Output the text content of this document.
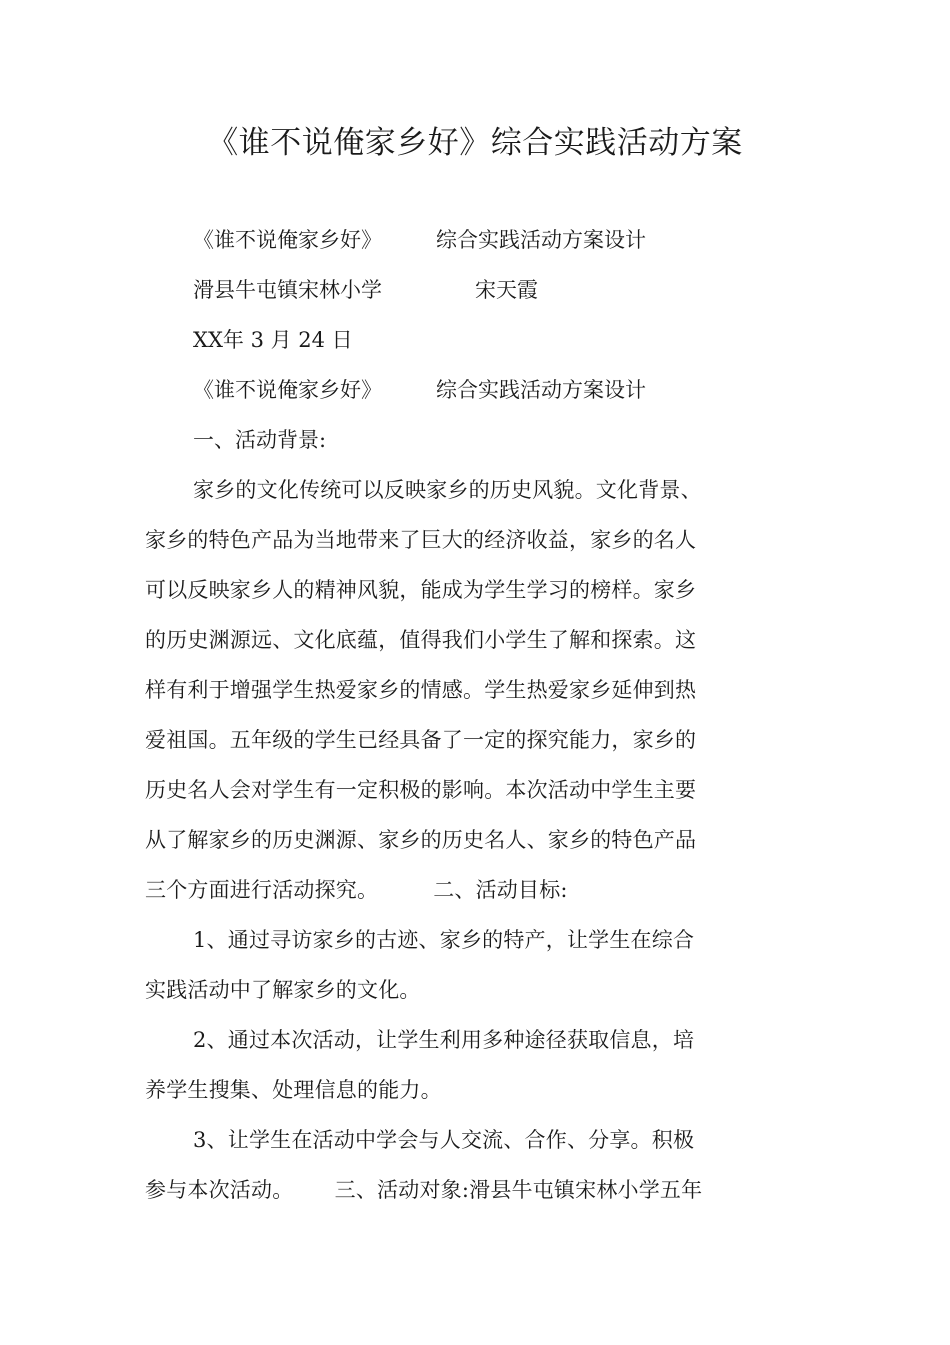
《谁不说俺家乡好》综合实践活动方案
《谁不说俺家乡好》	综合实践活动方案设计
滑县牛屯镇宋林小学	宋天霞
XX年 3 月 24 日
《谁不说俺家乡好》	综合实践活动方案设计
一、活动背景:
家乡的文化传统可以反映家乡的历史风貌。文化背景、
家乡的特色产品为当地带来了巨大的经济收益，家乡的名人
可以反映家乡人的精神风貌，能成为学生学习的榜样。家乡
的历史渊源远、文化底蕴，值得我们小学生了解和探索。这
样有利于增强学生热爱家乡的情感。学生热爱家乡延伸到热
爱祖国。五年级的学生已经具备了一定的探究能力，家乡的
历史名人会对学生有一定积极的影响。本次活动中学生主要
从了解家乡的历史渊源、家乡的历史名人、家乡的特色产品
三个方面进行活动探究。        二、活动目标:
1、通过寻访家乡的古迹、家乡的特产，让学生在综合
实践活动中了解家乡的文化。
2、通过本次活动，让学生利用多种途径获取信息，培
养学生搜集、处理信息的能力。
3、让学生在活动中学会与人交流、合作、分享。积极
参与本次活动。      三、活动对象:滑县牛屯镇宋林小学五年
